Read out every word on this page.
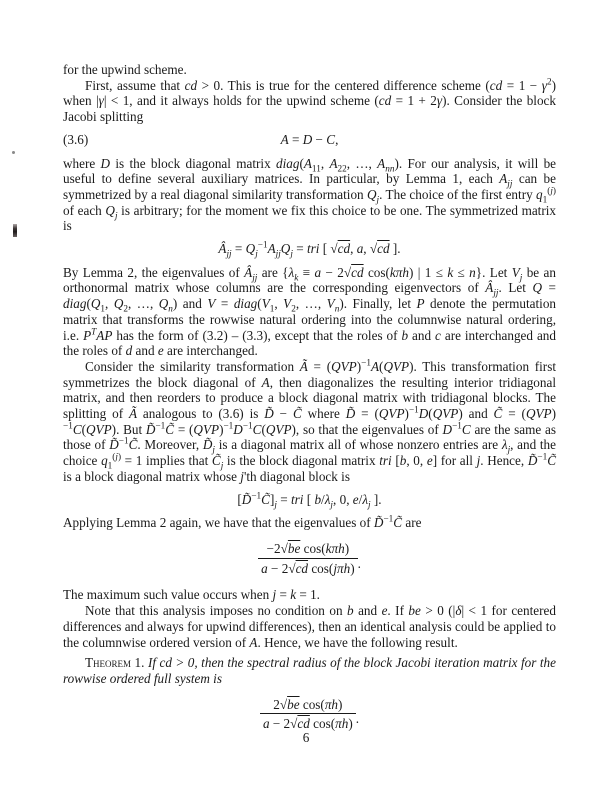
for the upwind scheme.

First, assume that cd > 0. This is true for the centered difference scheme $(cd = 1 - \gamma^2)$ when |γ| < 1, and it always holds for the upwind scheme (cd = 1 + 2γ). Consider the block Jacobi splitting

(3.6)	A = D − C,

where D is the block diagonal matrix $diag(A_{11}$, $A_{22}$, …, $A_{nn}$). For our analysis, it will be useful to define several auxiliary matrices. In particular, by Lemma 1, each $A_{jj}$ can be symmetrized by a real diagonal similarity transformation $Q_j$. The choice of the first entry $q_1^{(j)}$ of each $Q_j$ is arbitrary; for the moment we fix this choice to be one. The symmetrized matrix is

$Â_{jj} = Q_j^{-1}A_{jj}Q_j$ = tri [ √cd, a, √cd ].

By Lemma 2, the eigenvalues of $Â_{jj}$ are {$\lambda_k \equiv a - 2√cd$ cos(kπh) | 1 ≤ k ≤ n}. Let $V_j$ be an orthonormal matrix whose columns are the corresponding eigenvectors of $Â_{jj}$. Let $Q = diag(Q_1$, $Q_2$, …, $Q_n$) and $V = diag(V_1$, $V_2$, …, $V_n$). Finally, let P denote the permutation matrix that transforms the rowwise natural ordering into the columnwise natural ordering, i.e. $P^TAP$ has the form of (3.2) – (3.3), except that the roles of b and c are interchanged and the roles of d and e are interchanged.

Consider the similarity transformation Ã = (QVP)$^{-1}$A(QVP). This transformation first symmetrizes the block diagonal of A, then diagonalizes the resulting interior tridiagonal matrix, and then reorders to produce a block diagonal matrix with tridiagonal blocks. The splitting of Ã analogous to (3.6) is D̃ − C̃ where D̃ = (QVP)$^{-1}$D(QVP) and C̃ = (QVP)$^{-1}$C(QVP). But D̃$^{-1}$C̃ = $(QVP)^{-1}D^{-1}C(QVP)$, so that the eigenvalues of $D^{-1}C$ are the same as those of D̃$^{-1}$C̃. Moreover, $D̃_j$ is a diagonal matrix all of whose nonzero entries are $\lambda_j$, and the choice $q_1^{(j)} = 1$ implies that $C̃_j$ is the block diagonal matrix tri [b, 0, e] for all j. Hence, D̃$^{-1}$C̃ is a block diagonal matrix whose j'th diagonal block is

$[D̃^{-1}C̃]_j$ = tri [ $b/\lambda_j$, 0, $e/\lambda_j$ ].

Applying Lemma 2 again, we have that the eigenvalues of D̃$^{-1}$C̃ are

$\frac{\text{−2√be cos(kπh)}}{\text{a − 2√cd cos(jπh)}}$ .

The maximum such value occurs when j = k = 1.

Note that this analysis imposes no condition on b and e. If be > 0 (|δ| < 1 for centered differences and always for upwind differences), then an identical analysis could be applied to the columnwise ordered version of A. Hence, we have the following result.

Theorem 1. If cd > 0, then the spectral radius of the block Jacobi iteration matrix for the rowwise ordered full system is

$\frac{\text{2√be cos(πh)}}{\text{a − 2√cd cos(πh)}}$ .
6
